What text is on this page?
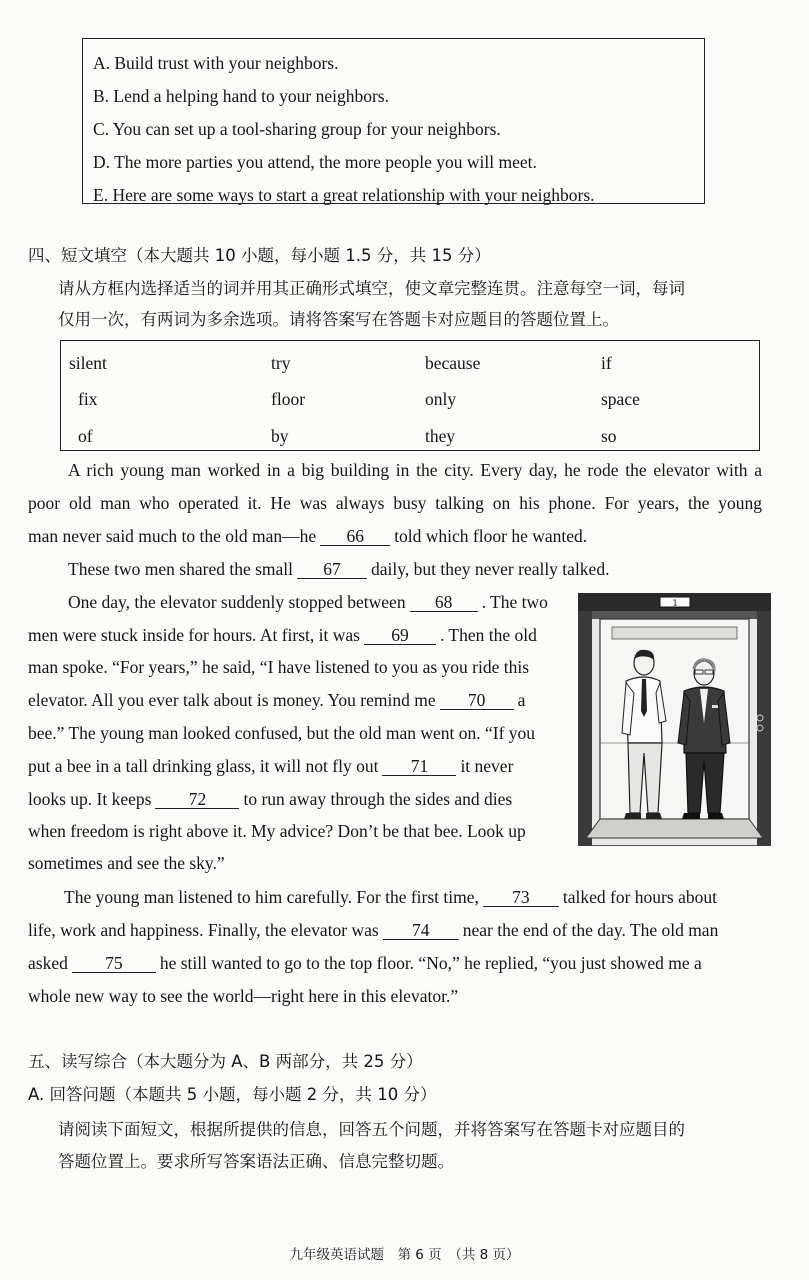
A. Build trust with your neighbors.

B. Lend a helping hand to your neighbors.

C. You can set up a tool-sharing group for your neighbors.

D. The more parties you attend, the more people you will meet.

E. Here are some ways to start a great relationship with your neighbors.

四、短文填空（本大题共 10 小题，每小题 1.5 分，共 15 分）
请从方框内选择适当的词并用其正确形式填空，使文章完整连贯。注意每空一词，每词
仅用一次，有两词为多余选项。请将答案写在答题卡对应题目的答题位置上。
silent	try	because	if
fix	floor	only	space
of	by	they	so
A rich young man worked in a big building in the city. Every day, he rode the elevator with a
poor old man who operated it. He was always busy talking on his phone. For years, the young
man never said much to the old man—he 66 told which floor he wanted.
These two men shared the small 67 daily, but they never really talked.
One day, the elevator suddenly stopped between 68 . The two
men were stuck inside for hours. At first, it was 69 . Then the old
man spoke. “For years,” he said, “I have listened to you as you ride this
elevator. All you ever talk about is money. You remind me 70 a
bee.” The young man looked confused, but the old man went on. “If you
put a bee in a tall drinking glass, it will not fly out 71 it never
looks up. It keeps 72 to run away through the sides and dies
when freedom is right above it. My advice? Don’t be that bee. Look up
sometimes and see the sky.”
The young man listened to him carefully. For the first time, 73 talked for hours about
life, work and happiness. Finally, the elevator was 74 near the end of the day. The old man
asked 75 he still wanted to go to the top floor. “No,” he replied, “you just showed me a
whole new way to see the world—right here in this elevator.”
1
五、读写综合（本大题分为 A、B 两部分，共 25 分）
A. 回答问题（本题共 5 小题，每小题 2 分，共 10 分）
请阅读下面短文，根据所提供的信息，回答五个问题，并将答案写在答题卡对应题目的
答题位置上。要求所写答案语法正确、信息完整切题。
九年级英语试题　第 6 页　（共 8 页）
